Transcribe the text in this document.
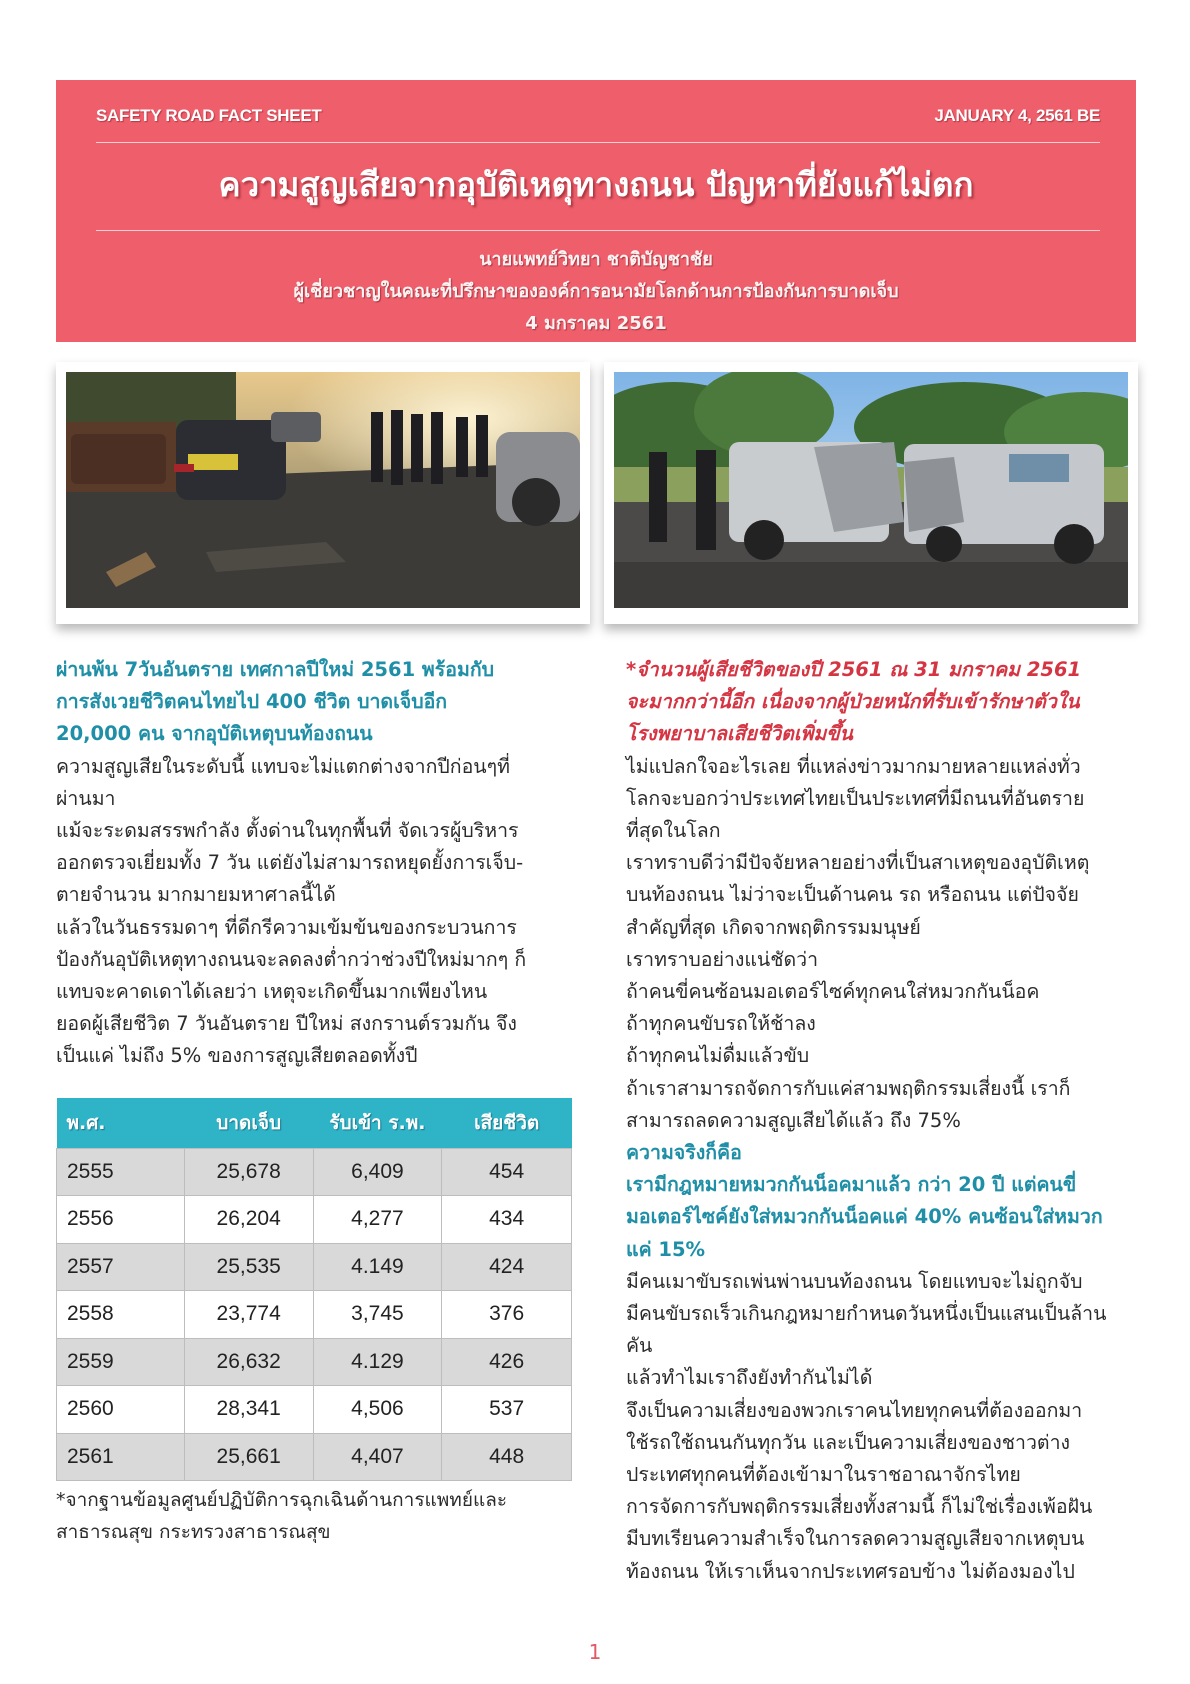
SAFETY ROAD FACT SHEET	JANUARY 4, 2561 BE
ความสูญเสียจากอุบัติเหตุทางถนน ปัญหาที่ยังแก้ไม่ตก
นายแพทย์วิทยา ชาติบัญชาชัย
ผู้เชี่ยวชาญในคณะที่ปรึกษาขององค์การอนามัยโลกด้านการป้องกันการบาดเจ็บ
4 มกราคม 2561
ผ่านพ้น 7วันอันตราย เทศกาลปีใหม่ 2561 พร้อมกับ
การสังเวยชีวิตคนไทยไป 400 ชีวิต บาดเจ็บอีก
20,000 คน จากอุบัติเหตุบนท้องถนน
ความสูญเสียในระดับนี้ แทบจะไม่แตกต่างจากปีก่อนๆที่
ผ่านมา
แม้จะระดมสรรพกำลัง ตั้งด่านในทุกพื้นที่ จัดเวรผู้บริหาร
ออกตรวจเยี่ยมทั้ง 7 วัน แต่ยังไม่สามารถหยุดยั้งการเจ็บ-
ตายจำนวน มากมายมหาศาลนี้ได้
แล้วในวันธรรมดาๆ ที่ดีกรีความเข้มข้นของกระบวนการ
ป้องกันอุบัติเหตุทางถนนจะลดลงต่ำกว่าช่วงปีใหม่มากๆ ก็
แทบจะคาดเดาได้เลยว่า เหตุจะเกิดขึ้นมากเพียงไหน
ยอดผู้เสียชีวิต 7 วันอันตราย ปีใหม่ สงกรานต์รวมกัน จึง
เป็นแค่ ไม่ถึง 5% ของการสูญเสียตลอดทั้งปี
พ.ศ.	บาดเจ็บ	รับเข้า ร.พ.	เสียชีวิต
2555	25,678	6,409	454
2556	26,204	4,277	434
2557	25,535	4.149	424
2558	23,774	3,745	376
2559	26,632	4.129	426
2560	28,341	4,506	537
2561	25,661	4,407	448
*จากฐานข้อมูลศูนย์ปฏิบัติการฉุกเฉินด้านการแพทย์และ
สาธารณสุข กระทรวงสาธารณสุข
*จำนวนผู้เสียชีวิตของปี 2561 ณ 31 มกราคม 2561
จะมากกว่านี้อีก เนื่องจากผู้ป่วยหนักที่รับเข้ารักษาตัวใน
โรงพยาบาลเสียชีวิตเพิ่มขึ้น
ไม่แปลกใจอะไรเลย ที่แหล่งข่าวมากมายหลายแหล่งทั่ว
โลกจะบอกว่าประเทศไทยเป็นประเทศที่มีถนนที่อันตราย
ที่สุดในโลก
เราทราบดีว่ามีปัจจัยหลายอย่างที่เป็นสาเหตุของอุบัติเหตุ
บนท้องถนน ไม่ว่าจะเป็นด้านคน รถ หรือถนน แต่ปัจจัย
สำคัญที่สุด เกิดจากพฤติกรรมมนุษย์
เราทราบอย่างแน่ชัดว่า
ถ้าคนขี่คนซ้อนมอเตอร์ไซค์ทุกคนใส่หมวกกันน็อค
ถ้าทุกคนขับรถให้ช้าลง
ถ้าทุกคนไม่ดื่มแล้วขับ
ถ้าเราสามารถจัดการกับแค่สามพฤติกรรมเสี่ยงนี้ เราก็
สามารถลดความสูญเสียได้แล้ว ถึง 75%
ความจริงก็คือ
เรามีกฎหมายหมวกกันน็อคมาแล้ว กว่า 20 ปี แต่คนขี่
มอเตอร์ไซค์ยังใส่หมวกกันน็อคแค่ 40% คนซ้อนใส่หมวก
แค่ 15%
มีคนเมาขับรถเพ่นพ่านบนท้องถนน โดยแทบจะไม่ถูกจับ
มีคนขับรถเร็วเกินกฎหมายกำหนดวันหนึ่งเป็นแสนเป็นล้าน
คัน
แล้วทำไมเราถึงยังทำกันไม่ได้
จึงเป็นความเสี่ยงของพวกเราคนไทยทุกคนที่ต้องออกมา
ใช้รถใช้ถนนกันทุกวัน และเป็นความเสี่ยงของชาวต่าง
ประเทศทุกคนที่ต้องเข้ามาในราชอาณาจักรไทย
การจัดการกับพฤติกรรมเสี่ยงทั้งสามนี้ ก็ไม่ใช่เรื่องเพ้อฝัน
มีบทเรียนความสำเร็จในการลดความสูญเสียจากเหตุบน
ท้องถนน ให้เราเห็นจากประเทศรอบข้าง ไม่ต้องมองไป
1
